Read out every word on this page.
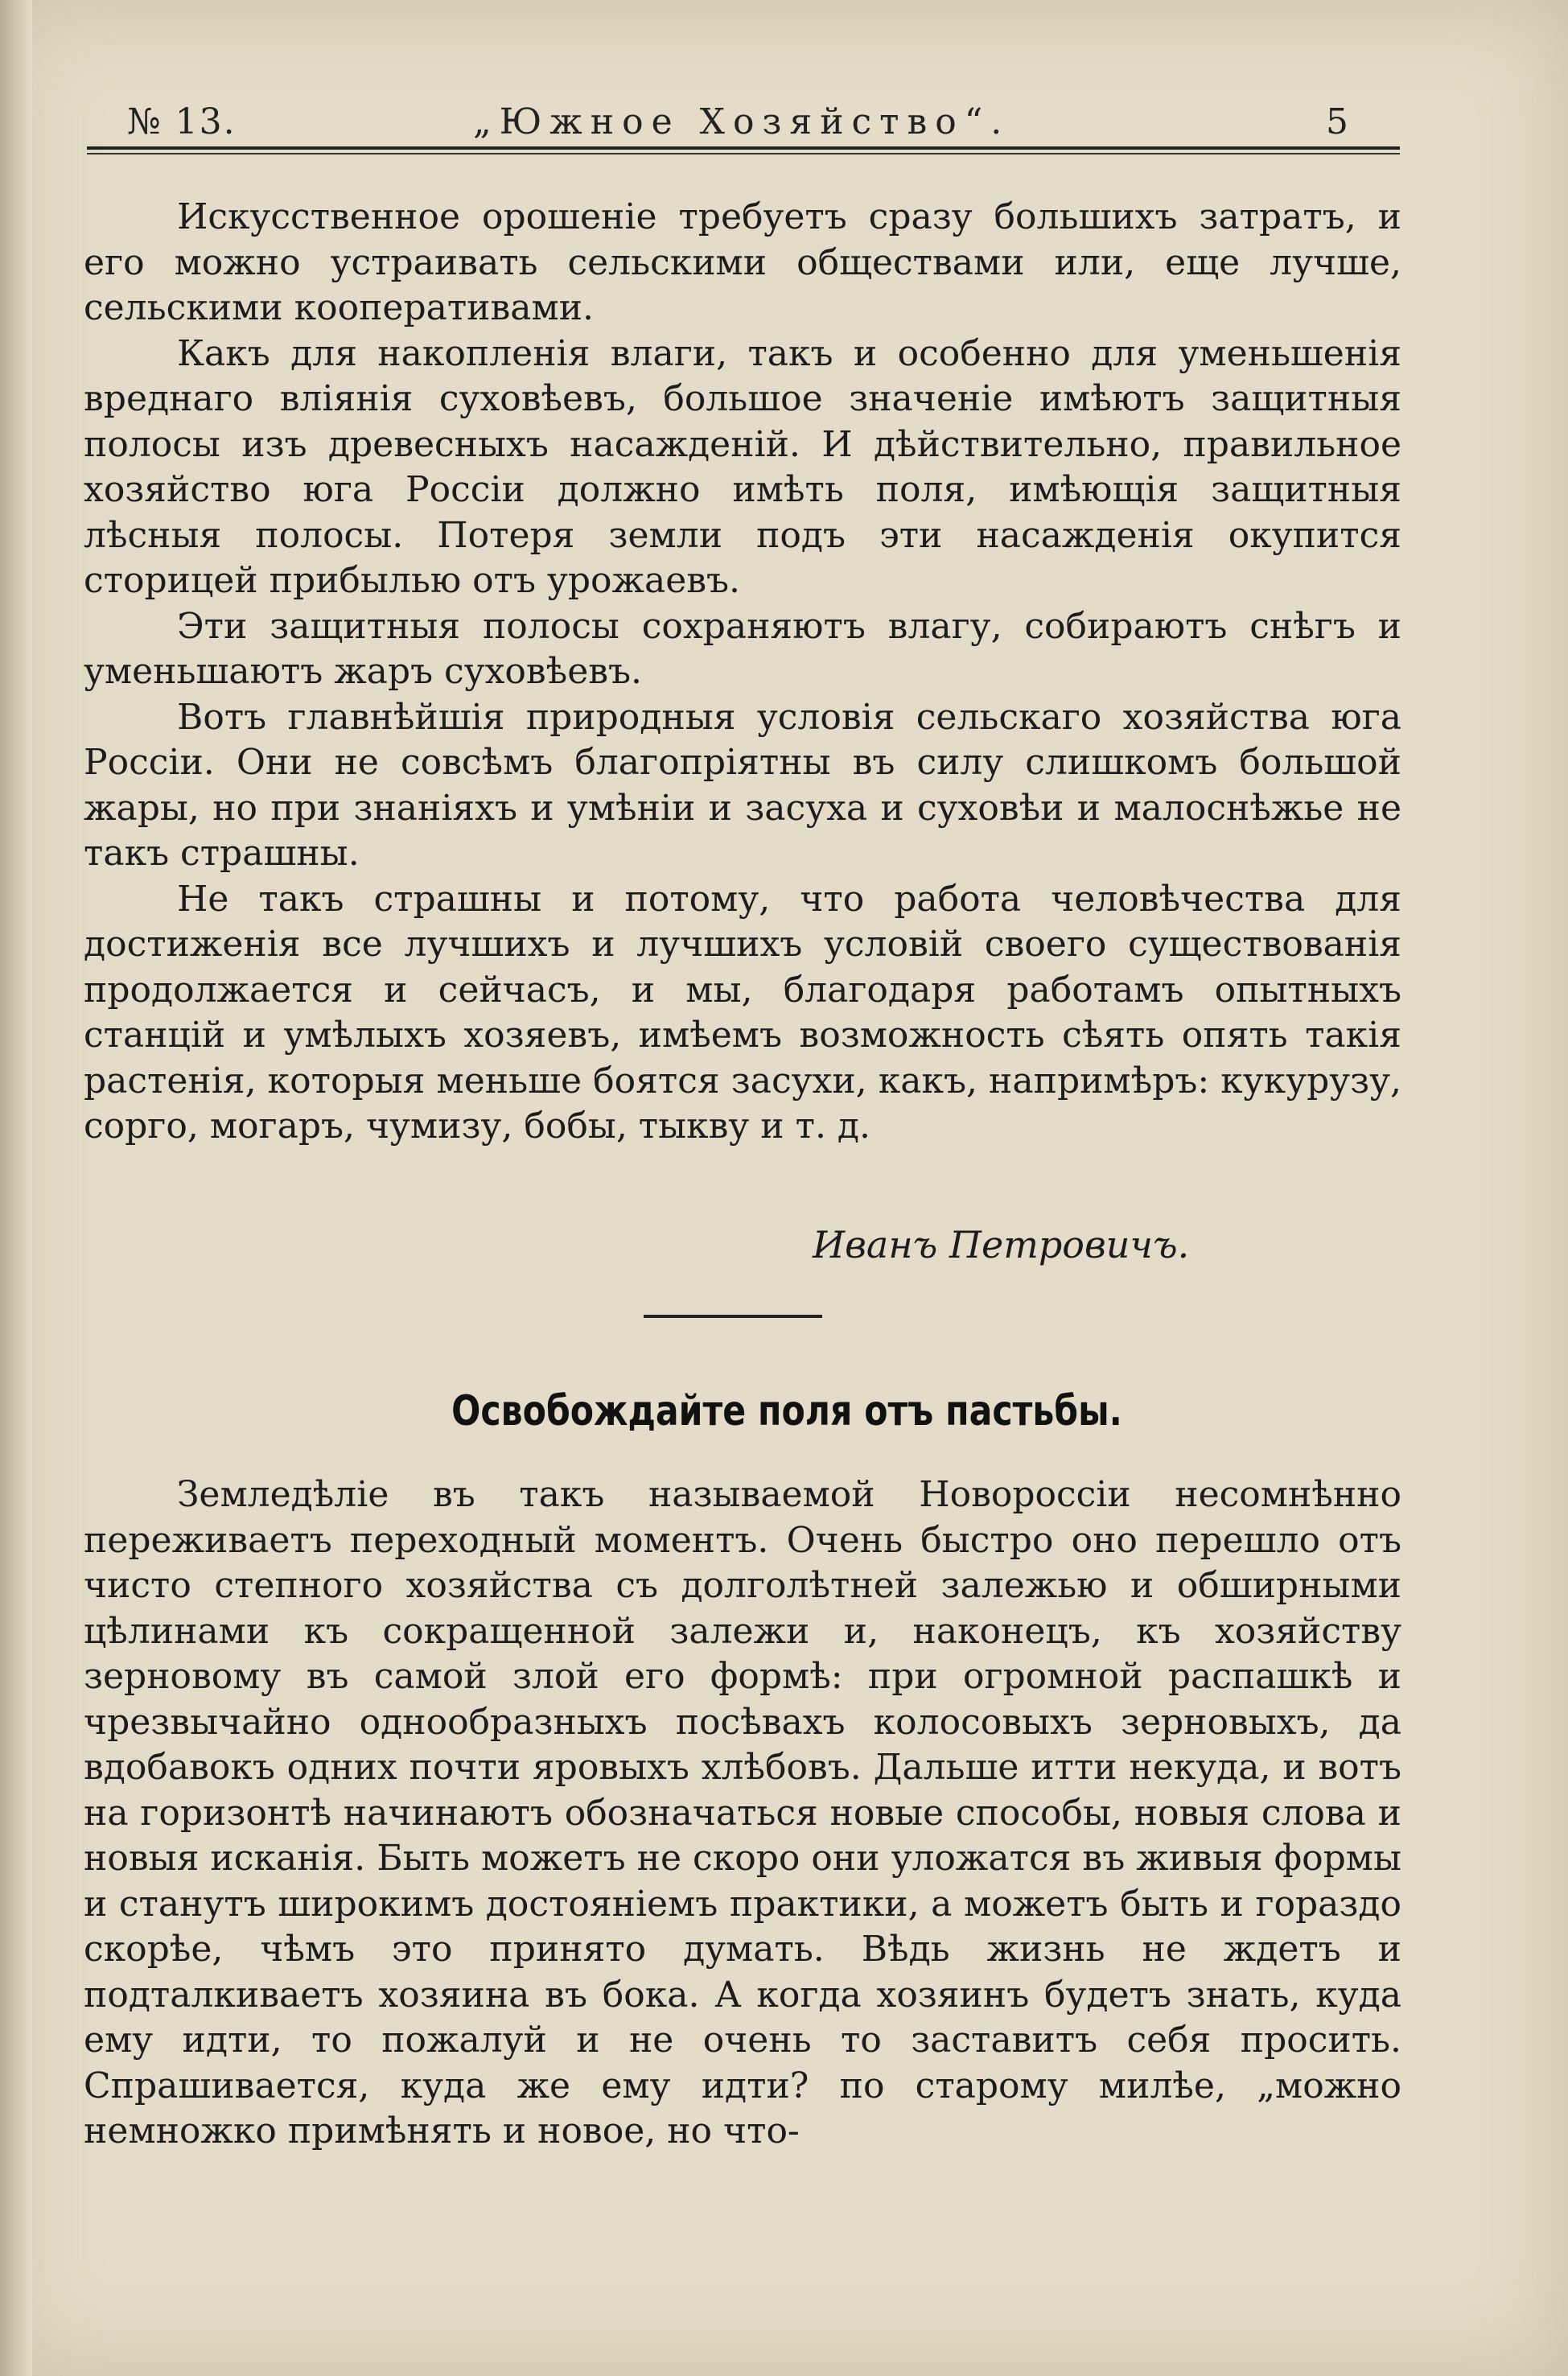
№ 13.	„Южное Хозяйство“.	5

Искусственное орошеніе требуетъ сразу большихъ затратъ, и его можно устраивать сельскими обществами или, еще лучше, сельскими кооперативами.

Какъ для накопленія влаги, такъ и особенно для уменьшенія вреднаго вліянія суховѣевъ, большое значеніе имѣютъ защитныя полосы изъ древесныхъ насажденій. И дѣйствительно, правильное хозяйство юга Россіи должно имѣть поля, имѣющія защитныя лѣсныя полосы. Потеря земли подъ эти насажденія окупится сторицей прибылью отъ урожаевъ.

Эти защитныя полосы сохраняютъ влагу, собираютъ снѣгъ и уменьшаютъ жаръ суховѣевъ.

Вотъ главнѣйшія природныя условія сельскаго хозяйства юга Россіи. Они не совсѣмъ благопріятны въ силу слишкомъ большой жары, но при знаніяхъ и умѣніи и засуха и суховѣи и малоснѣжье не такъ страшны.

Не такъ страшны и потому, что работа человѣчества для достиженія все лучшихъ и лучшихъ условій своего существованія продолжается и сейчасъ, и мы, благодаря работамъ опытныхъ станцій и умѣлыхъ хозяевъ, имѣемъ возможность сѣять опять такія растенія, которыя меньше боятся засухи, какъ, напримѣръ: кукурузу, сорго, могаръ, чумизу, бобы, тыкву и т. д.

Иванъ Петровичъ.
Освобождайте поля отъ пастьбы.

Земледѣліе въ такъ называемой Новороссіи несомнѣнно переживаетъ переходный моментъ. Очень быстро оно перешло отъ чисто степного хозяйства съ долголѣтней залежью и обширными цѣлинами къ сокращенной залежи и, наконецъ, къ хозяйству зерновому въ самой злой его формѣ: при огромной распашкѣ и чрезвычайно однообразныхъ посѣвахъ колосовыхъ зерновыхъ, да вдобавокъ одних почти яровыхъ хлѣбовъ. Дальше итти некуда, и вотъ на горизонтѣ начинаютъ обозначаться новые способы, новыя слова и новыя исканія. Быть можетъ не скоро они уложатся въ живыя формы и станутъ широкимъ достояніемъ практики, а можетъ быть и гораздо скорѣе, чѣмъ это принято думать. Вѣдь жизнь не ждетъ и подталкиваетъ хозяина въ бока. А когда хозяинъ будетъ знать, куда ему идти, то пожалуй и не очень то заставитъ себя просить. Спрашивается, куда же ему идти? по старому милѣе, „можно немножко примѣнять и новое, но что-
